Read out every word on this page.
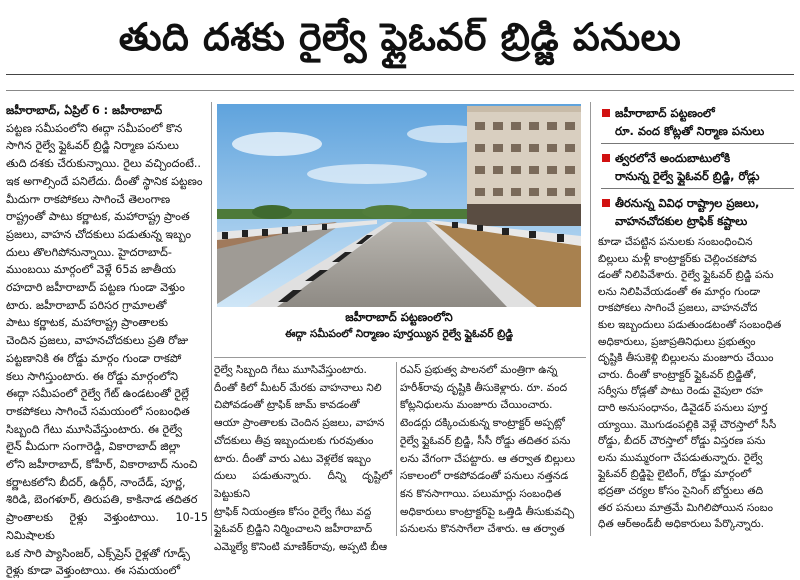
తుది దశకు రైల్వే ఫ్లైఓవర్ బ్రిడ్జి పనులు

జహీరాబాద్, ఏప్రిల్ 6 : జహీరాబాద్

పట్టణ సమీపంలోని ఈద్గా సమీపంలో కొన

సాగిన రైల్వే ఫ్లైఓవర్ బ్రిడ్జి నిర్మాణ పనులు

తుది దశకు చేరుకున్నాయి. రైలు వచ్చిందంటే..

ఇక అగాల్సిందే పనిలేదు. దీంతో స్థానిక పట్టణం

మీదుగా రాకపోకలు సాగించే తెలంగాణ

రాష్ట్రంతో పాటు కర్ణాటక, మహారాష్ట్ర ప్రాంత

ప్రజలు, వాహన చోదకులు పడుతున్న ఇబ్బం

దులు తొలగిపోనున్నాయి. హైదరాబాద్-

ముంబయి మార్గంలో వెళ్లే 65వ జాతీయ

రహదారి జహీరాబాద్ పట్టణ గుండా వెళ్తుం

టారు. జహీరాబాద్ పరిసర గ్రామాలతో

పాటు కర్ణాటక, మహారాష్ట్ర ప్రాంతాలకు

చెందిన ప్రజలు, వాహనచోదకులు ప్రతి రోజు

పట్టణానికి ఈ రోడ్డు మార్గం గుండా రాకపో

కలు సాగిస్తుంటారు. ఈ రోడ్డు మార్గంలోని

ఈద్గా సమీపంలో రైల్వే గేట్ ఉండటంతో రైల్లే

రాకపోకలు సాగించే సమయంలో సంబంధిత

సిబ్బంది గేటు మూసివేస్తుంటారు. ఈ రైల్వే

లైన్ మీదుగా సంగారెడ్డి, వికారాబాద్ జిల్లా

లోని జహీరాబాద్, కోహీర్, వికారాబాద్ నుంచి

కర్ణాటకలోని బీదర్, ఉద్గీర్, నాందేడ్, పూర్ణ,

శిరిడి, బెంగళూర్, తిరుపతి, కాకినాడ తదితర

ప్రాంతాలకు రైళ్లు వెళ్తుంటాయి. 10-15 నిమిషాలకు

ఒక సారి ప్యాసింజర్, ఎక్స్‌ప్రెస్ రైళ్లతో గూడ్స్

రైళ్లు కూడా వెళ్తుంటాయి. ఈ సమయంలో

జహీరాబాద్ పట్టణంలోని
ఈద్గా సమీపంలో నిర్మాణం పూర్తయ్యిన రైల్వే ఫ్లైఓవర్ బ్రిడ్జి
జహీరాబాద్ పట్టణంలో
రూ. వంద కోట్లతో నిర్మాణ పనులు
త్వరలోనే అందుబాటులోకి
రానున్న రైల్వే ఫ్లైఓవర్ బ్రిడ్జి, రోడ్లు
తీరనున్న వివిధ రాష్ట్రాల ప్రజలు,
వాహనచోదకుల ట్రాఫిక్ కష్టాలు

రైల్వే సిబ్బంది గేటు మూసివేస్తుంటారు.

దీంతో కిలో మీటర్ మేరకు వాహనాలు నిలి

చిపోవడంతో ట్రాఫిక్ జామ్ కావడంతో

ఆయా ప్రాంతాలకు చెందిన ప్రజలు, వాహన

చోదకులు తీవ్ర ఇబ్బందులకు గురవుతుం

టారు. దీంతో వారు ఎటు వెళ్లలేక ఇబ్బం

దులు పడుతున్నారు. దీన్ని దృష్టిలో పెట్టుకుని

ట్రాఫిక్ నియంత్రణ కోసం రైల్వే గేటు వద్ద

ఫ్లైఓవర్ బ్రిడ్జిని నిర్మించాలని జహీరాబాద్

ఎమ్మెల్యే కొనింటి మాణిక్‌రావు, అప్పటి బీఆ

రఎస్ ప్రభుత్వ పాలనలో మంత్రిగా ఉన్న

హరీశ్‌రావు దృష్టికి తీసుకెళ్లారు. రూ. వంద

కోట్లనిధులను మంజూరు చేయించారు.

టెండర్లు దక్కించుకున్న కాంట్రాక్టర్ అప్పట్లో

రైల్వే ఫ్లైఓవర్ బ్రిడ్జి, సీసీ రోడ్డు తదితర పను

లను వేగంగా చేపట్టారు. ఆ తర్వాత బిల్లులు

సకాలంలో రాకపోవడంతో పనులు నత్తనడ

కన కొనసాగాయి. పలుమార్లు సంబంధిత

అధికారులు కాంట్రాక్టర్‌పై ఒత్తిడి తీసుకువచ్చి

పనులను కొనసాగేలా చేశారు. ఆ తర్వాత

కూడా చేపట్టిన పనులకు సంబంధించిన

బిల్లులు మళ్లీ కాంట్రాక్టర్‌కు చెల్లించకపోవ

డంతో నిలిపివేశారు. రైల్వే ఫ్లైఓవర్ బ్రిడ్జి పను

లను నిలిపివేయడంతో ఈ మార్గం గుండా

రాకపోకలు సాగించే ప్రజలు, వాహనచోద

కుల ఇబ్బందులు పడుతుండటంతో సంబంధిత

అధికారులు, ప్రజాప్రతినిధులు ప్రభుత్వం

దృష్టికి తీసుకెళ్లి బిల్లులను మంజూరు చేయిం

చారు. దీంతో కాంట్రాక్టర్ ఫ్లైఓవర్ బ్రిడ్జితో,

సర్వీసు రోడ్లతో పాటు రెండు వైపులా రహ

దారి అనుసంధానం, డివైడర్ పనులు పూర్త

య్యాయి. మొగుడంపల్లికి వెళ్లే చౌరస్తాలో సీసీ

రోడ్డు, బీదర్ చౌరస్తాలో రోడ్డు విస్తరణ పను

లను ముమ్మరంగా చేపడుతున్నారు. రైల్వే

ఫ్లైఓవర్ బ్రిడ్జిపై లైటింగ్, రోడ్డు మార్గంలో

భద్రతా చర్యల కోసం సైనింగ్ బోర్డులు తది

తర పనులు మాత్రమే మిగిలిపోయిన సంబం

ధిత ఆర్‌అండ్‌బీ అధికారులు పేర్కొన్నారు.
